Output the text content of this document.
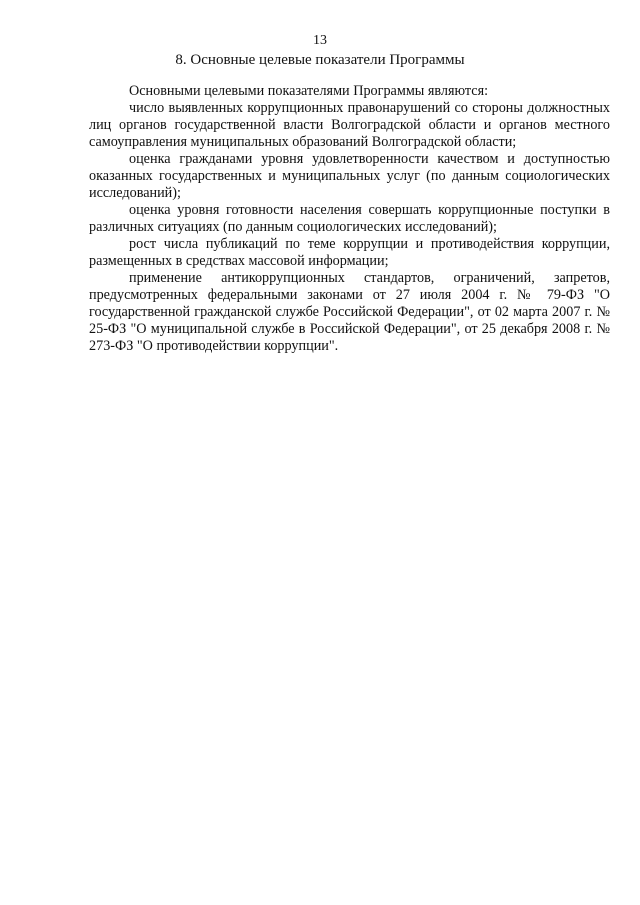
13
8. Основные целевые показатели Программы

Основными целевыми показателями Программы являются:

число выявленных коррупционных правонарушений со стороны должностных лиц органов государственной власти Волгоградской области и органов местного самоуправления муниципальных образований Волгоградской области;

оценка гражданами уровня удовлетворенности качеством и доступностью оказанных государственных и муниципальных услуг (по данным социологических исследований);

оценка уровня готовности населения совершать коррупционные поступки в различных ситуациях (по данным социологических исследований);

рост числа публикаций по теме коррупции и противодействия коррупции, размещенных в средствах массовой информации;

применение антикоррупционных стандартов, ограничений, запретов, предусмотренных федеральными законами от 27 июля 2004 г. № 79-ФЗ "О государственной гражданской службе Российской Федерации", от 02 марта 2007 г. № 25-ФЗ "О муниципальной службе в Российской Федерации", от 25 декабря 2008 г. № 273-ФЗ "О противодействии коррупции".
